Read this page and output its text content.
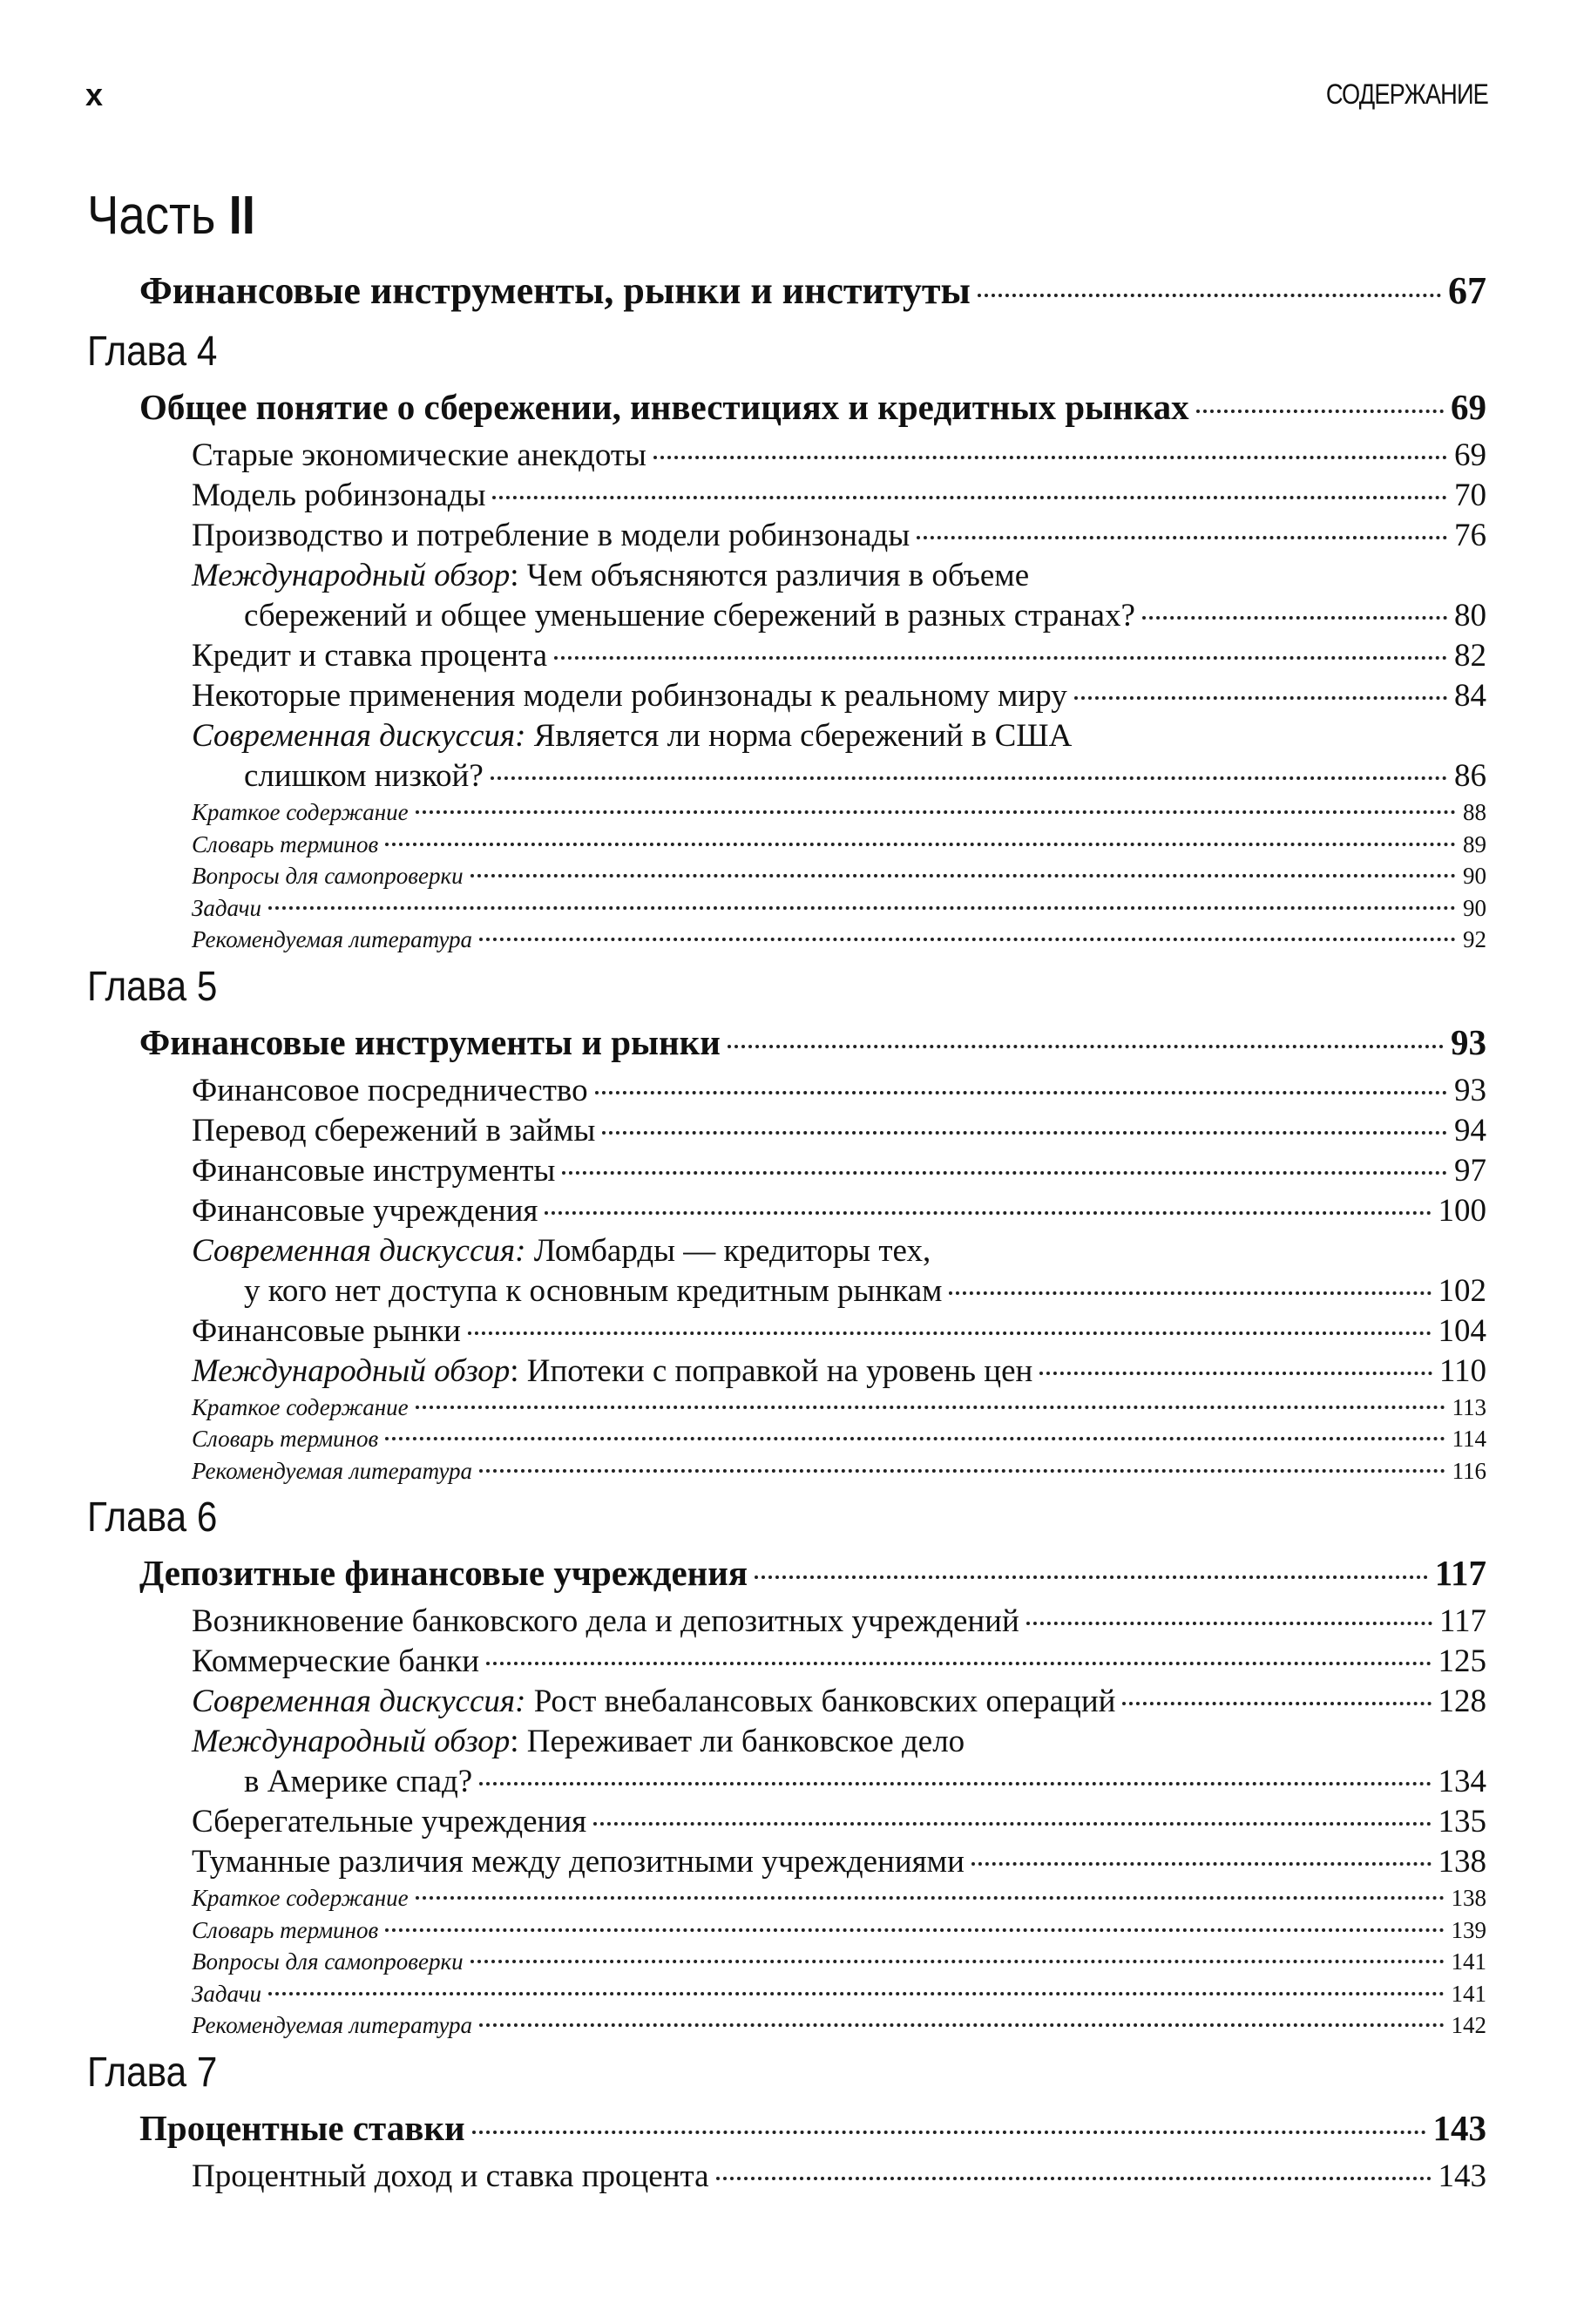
x	СОДЕРЖАНИЕ
Часть II
Финансовые инструменты, рынки и институты	67
Глава 4
Общее понятие о сбережении, инвестициях и кредитных рынках	69
Старые экономические анекдоты	69
Модель робинзонады	70
Производство и потребление в модели робинзонады	76
Международный обзор: Чем объясняются различия в объеме
сбережений и общее уменьшение сбережений в разных странах?	80
Кредит и ставка процента	82
Некоторые применения модели робинзонады к реальному миру	84
Современная дискуссия: Является ли норма сбережений в США
слишком низкой?	86
Краткое содержание	88
Словарь терминов	89
Вопросы для самопроверки	90
Задачи	90
Рекомендуемая литература	92
Глава 5
Финансовые инструменты и рынки	93
Финансовое посредничество	93
Перевод сбережений в займы	94
Финансовые инструменты	97
Финансовые учреждения	100
Современная дискуссия: Ломбарды — кредиторы тех,
у кого нет доступа к основным кредитным рынкам	102
Финансовые рынки	104
Международный обзор: Ипотеки с поправкой на уровень цен	110
Краткое содержание	113
Словарь терминов	114
Рекомендуемая литература	116
Глава 6
Депозитные финансовые учреждения	117
Возникновение банковского дела и депозитных учреждений	117
Коммерческие банки	125
Современная дискуссия: Рост внебалансовых банковских операций	128
Международный обзор: Переживает ли банковское дело
в Америке спад?	134
Сберегательные учреждения	135
Туманные различия между депозитными учреждениями	138
Краткое содержание	138
Словарь терминов	139
Вопросы для самопроверки	141
Задачи	141
Рекомендуемая литература	142
Глава 7
Процентные ставки	143
Процентный доход и ставка процента	143
